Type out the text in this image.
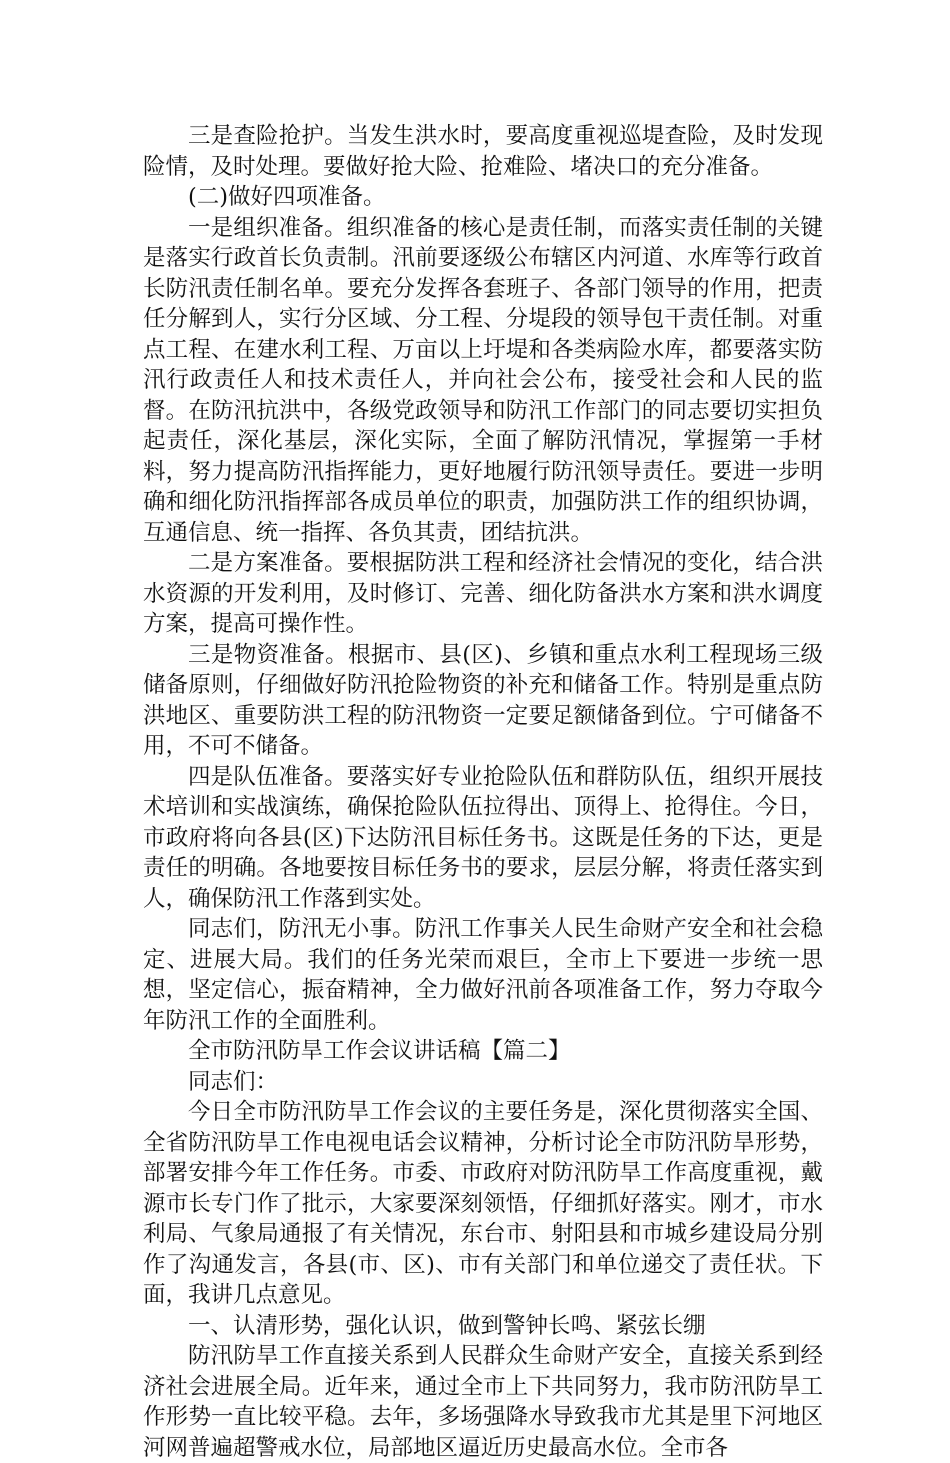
三是查险抢护。当发生洪水时，要高度重视巡堤查险，及时发现险情，及时处理。要做好抢大险、抢难险、堵决口的充分准备。

(二)做好四项准备。

一是组织准备。组织准备的核心是责任制，而落实责任制的关键是落实行政首长负责制。汛前要逐级公布辖区内河道、水库等行政首长防汛责任制名单。要充分发挥各套班子、各部门领导的作用，把责任分解到人，实行分区域、分工程、分堤段的领导包干责任制。对重点工程、在建水利工程、万亩以上圩堤和各类病险水库，都要落实防汛行政责任人和技术责任人，并向社会公布，接受社会和人民的监督。在防汛抗洪中，各级党政领导和防汛工作部门的同志要切实担负起责任，深化基层，深化实际，全面了解防汛情况，掌握第一手材料，努力提高防汛指挥能力，更好地履行防汛领导责任。要进一步明确和细化防汛指挥部各成员单位的职责，加强防洪工作的组织协调，互通信息、统一指挥、各负其责，团结抗洪。

二是方案准备。要根据防洪工程和经济社会情况的变化，结合洪水资源的开发利用，及时修订、完善、细化防备洪水方案和洪水调度方案，提高可操作性。

三是物资准备。根据市、县(区)、乡镇和重点水利工程现场三级储备原则，仔细做好防汛抢险物资的补充和储备工作。特别是重点防洪地区、重要防洪工程的防汛物资一定要足额储备到位。宁可储备不用，不可不储备。

四是队伍准备。要落实好专业抢险队伍和群防队伍，组织开展技术培训和实战演练，确保抢险队伍拉得出、顶得上、抢得住。今日，市政府将向各县(区)下达防汛目标任务书。这既是任务的下达，更是责任的明确。各地要按目标任务书的要求，层层分解，将责任落实到人，确保防汛工作落到实处。

同志们，防汛无小事。防汛工作事关人民生命财产安全和社会稳定、进展大局。我们的任务光荣而艰巨，全市上下要进一步统一思想，坚定信心，振奋精神，全力做好汛前各项准备工作，努力夺取今年防汛工作的全面胜利。

全市防汛防旱工作会议讲话稿【篇二】

同志们：

今日全市防汛防旱工作会议的主要任务是，深化贯彻落实全国、全省防汛防旱工作电视电话会议精神，分析讨论全市防汛防旱形势，部署安排今年工作任务。市委、市政府对防汛防旱工作高度重视，戴源市长专门作了批示，大家要深刻领悟，仔细抓好落实。刚才，市水利局、气象局通报了有关情况，东台市、射阳县和市城乡建设局分别作了沟通发言，各县(市、区)、市有关部门和单位递交了责任状。下面，我讲几点意见。

一、认清形势，强化认识，做到警钟长鸣、紧弦长绷

防汛防旱工作直接关系到人民群众生命财产安全，直接关系到经济社会进展全局。近年来，通过全市上下共同努力，我市防汛防旱工作形势一直比较平稳。去年，多场强降水导致我市尤其是里下河地区河网普遍超警戒水位，局部地区逼近历史最高水位。全市各
